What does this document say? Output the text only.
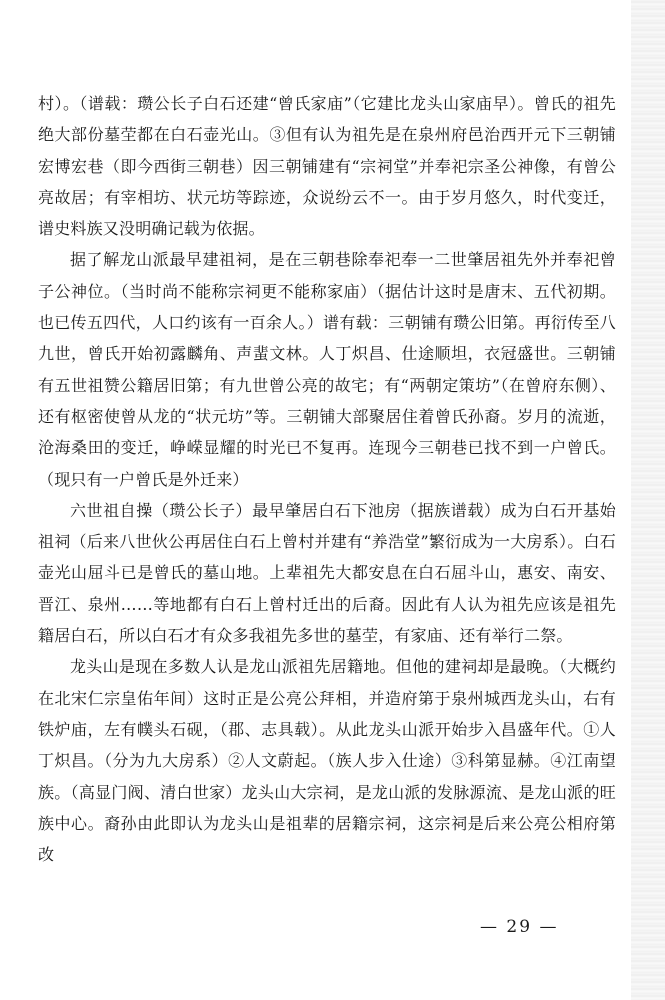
村）。（谱载：瓒公长子白石还建“曾氏家庙”（它建比龙头山家庙早）。曾氏的祖先绝大部份墓茔都在白石壶光山。③但有认为祖先是在泉州府邑治西开元下三朝铺宏博宏巷（即今西街三朝巷）因三朝铺建有“宗祠堂”并奉祀宗圣公神像，有曾公亮故居；有宰相坊、状元坊等踪迹，众说纷云不一。由于岁月悠久，时代变迁，谱史料族又没明确记载为依据。

据了解龙山派最早建祖祠，是在三朝巷除奉祀奉一二世肇居祖先外并奉祀曾子公神位。（当时尚不能称宗祠更不能称家庙）（据估计这时是唐末、五代初期。也已传五四代，人口约该有一百余人。）谱有载：三朝铺有瓒公旧第。再衍传至八九世，曾氏开始初露麟角、声蜚文林。人丁炽昌、仕途顺坦，衣冠盛世。三朝铺有五世祖赞公籍居旧第；有九世曾公亮的故宅；有“两朝定策坊”（在曾府东侧）、还有枢密使曾从龙的“状元坊”等。三朝铺大部聚居住着曾氏孙裔。岁月的流逝，沧海桑田的变迁，峥嵘显耀的时光已不复再。连现今三朝巷已找不到一户曾氏。（现只有一户曾氏是外迁来）

六世祖自操（瓒公长子）最早肇居白石下池房（据族谱载）成为白石开基始祖祠（后来八世伙公再居住白石上曾村并建有“养浩堂”繁衍成为一大房系）。白石壶光山屈斗已是曾氏的墓山地。上辈祖先大都安息在白石屈斗山，惠安、南安、晋江、泉州……等地都有白石上曾村迁出的后裔。因此有人认为祖先应该是祖先籍居白石，所以白石才有众多我祖先多世的墓茔，有家庙、还有举行二祭。

龙头山是现在多数人认是龙山派祖先居籍地。但他的建祠却是最晚。（大概约在北宋仁宗皇佑年间）这时正是公亮公拜相，并造府第于泉州城西龙头山，右有铁炉庙，左有幞头石砚，（郡、志具载）。从此龙头山派开始步入昌盛年代。①人丁炽昌。（分为九大房系）②人文蔚起。（族人步入仕途）③科第显赫。④江南望族。（高显门阀、清白世家）龙头山大宗祠，是龙山派的发脉源流、是龙山派的旺族中心。裔孙由此即认为龙头山是祖辈的居籍宗祠，这宗祠是后来公亮公相府第改

— 29 —
